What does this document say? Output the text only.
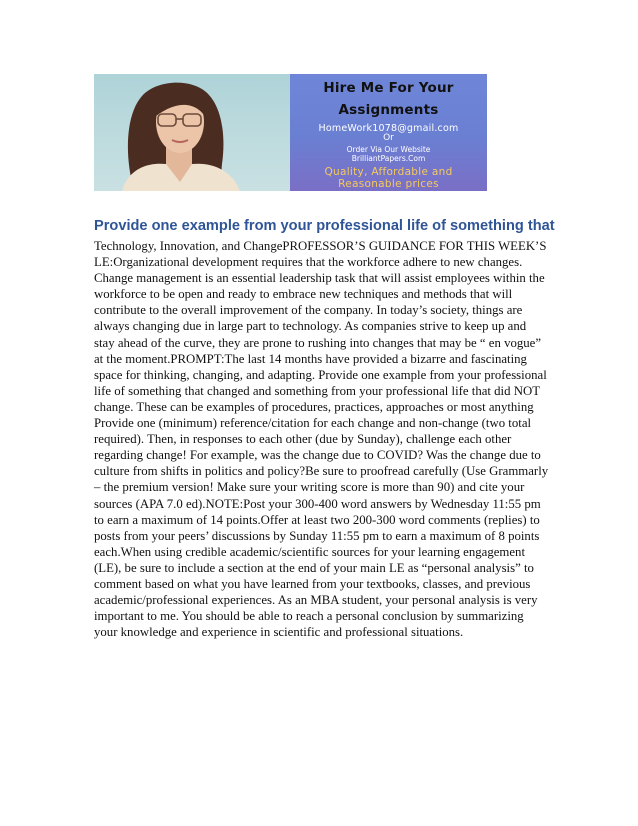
Hire Me For Your
Assignments
HomeWork1078@gmail.com
Or
Order Via Our Website
BrilliantPapers.Com
Quality, Affordable and
Reasonable prices
Provide one example from your professional life of something that

Technology, Innovation, and ChangePROFESSOR’S GUIDANCE FOR THIS WEEK’S LE:Organizational development requires that the workforce adhere to new changes. Change management is an essential leadership task that will assist employees within the workforce to be open and ready to embrace new techniques and methods that will contribute to the overall improvement of the company. In today’s society, things are always changing due in large part to technology. As companies strive to keep up and stay ahead of the curve, they are prone to rushing into changes that may be “ en vogue” at the moment.PROMPT:The last 14 months have provided a bizarre and fascinating space for thinking, changing, and adapting. Provide one example from your professional life of something that changed and something from your professional life that did NOT change. These can be examples of procedures, practices, approaches or most anything Provide one (minimum) reference/citation for each change and non-change (two total required). Then, in responses to each other (due by Sunday), challenge each other regarding change! For example, was the change due to COVID? Was the change due to culture from shifts in politics and policy?Be sure to proofread carefully (Use Grammarly – the premium version! Make sure your writing score is more than 90) and cite your sources (APA 7.0 ed).NOTE:Post your 300-400 word answers by Wednesday 11:55 pm to earn a maximum of 14 points.Offer at least two 200-300 word comments (replies) to posts from your peers’ discussions by Sunday 11:55 pm to earn a maximum of 8 points each.When using credible academic/scientific sources for your learning engagement (LE), be sure to include a section at the end of your main LE as “personal analysis” to comment based on what you have learned from your textbooks, classes, and previous academic/professional experiences. As an MBA student, your personal analysis is very important to me. You should be able to reach a personal conclusion by summarizing your knowledge and experience in scientific and professional situations.
